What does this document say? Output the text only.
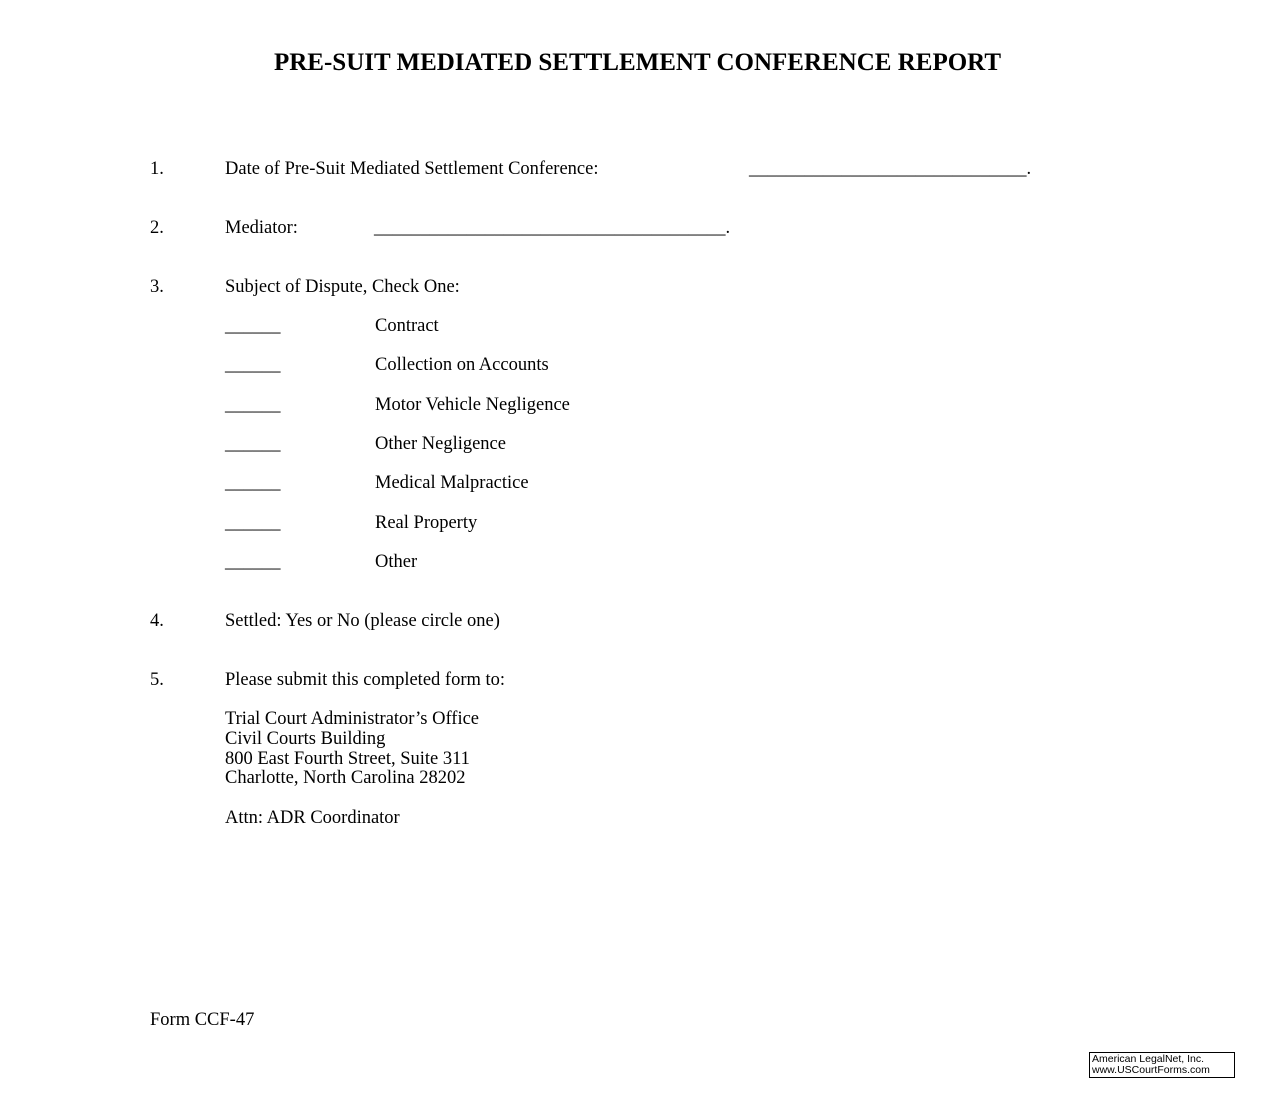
PRE-SUIT MEDIATED SETTLEMENT CONFERENCE REPORT
1.	Date of Pre-Suit Mediated Settlement Conference:	______________________________.
2.	Mediator:	______________________________________.
3.	Subject of Dispute, Check One:
______	Contract
______	Collection on Accounts
______	Motor Vehicle Negligence
______	Other Negligence
______	Medical Malpractice
______	Real Property
______	Other
4.	Settled: Yes or No (please circle one)
5.	Please submit this completed form to:
Trial Court Administrator’s Office
Civil Courts Building
800 East Fourth Street, Suite 311
Charlotte, North Carolina 28202
Attn: ADR Coordinator
Form CCF-47
American LegalNet, Inc.
www.USCourtForms.com
